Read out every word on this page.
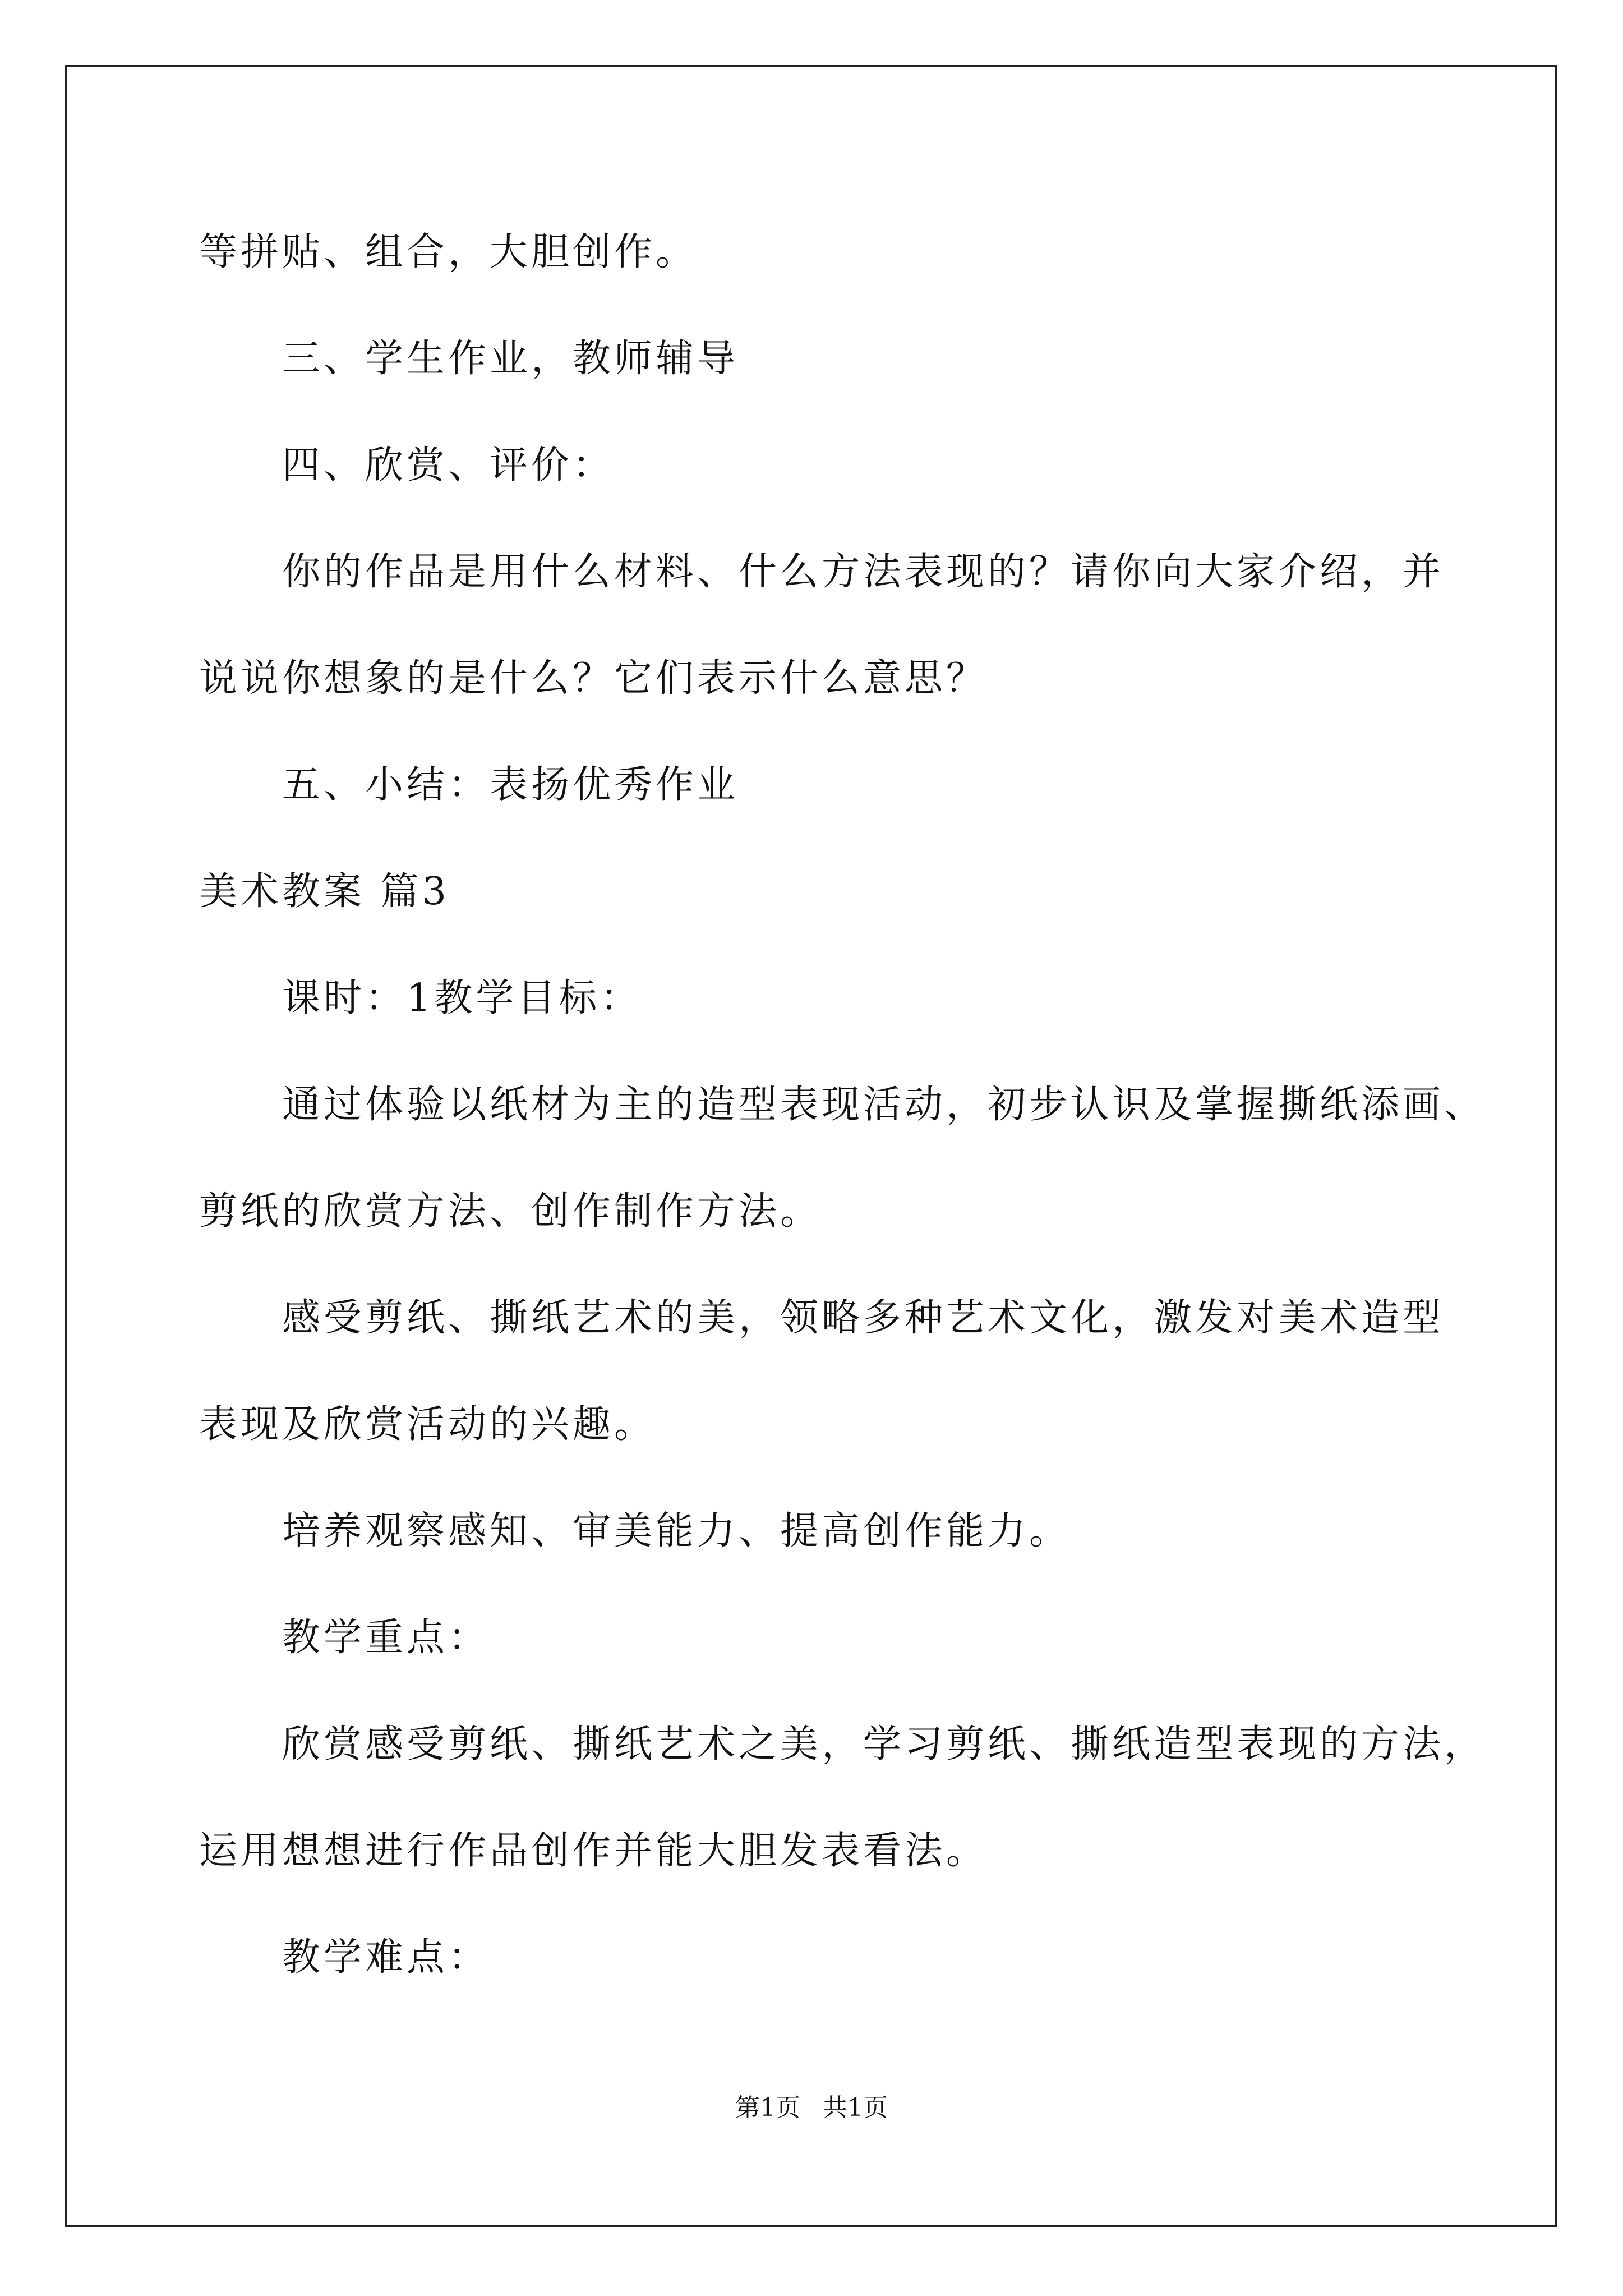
等拼贴、组合，大胆创作。
三、学生作业，教师辅导
四、欣赏、评价：
你的作品是用什么材料、什么方法表现的？请你向大家介绍，并
说说你想象的是什么？它们表示什么意思？
五、小结：表扬优秀作业
美术教案 篇3
课时：1教学目标：
通过体验以纸材为主的造型表现活动，初步认识及掌握撕纸添画、
剪纸的欣赏方法、创作制作方法。
感受剪纸、撕纸艺术的美，领略多种艺术文化，激发对美术造型
表现及欣赏活动的兴趣。
培养观察感知、审美能力、提高创作能力。
教学重点：
欣赏感受剪纸、撕纸艺术之美，学习剪纸、撕纸造型表现的方法，
运用想想进行作品创作并能大胆发表看法。
教学难点：
第1页 共1页
